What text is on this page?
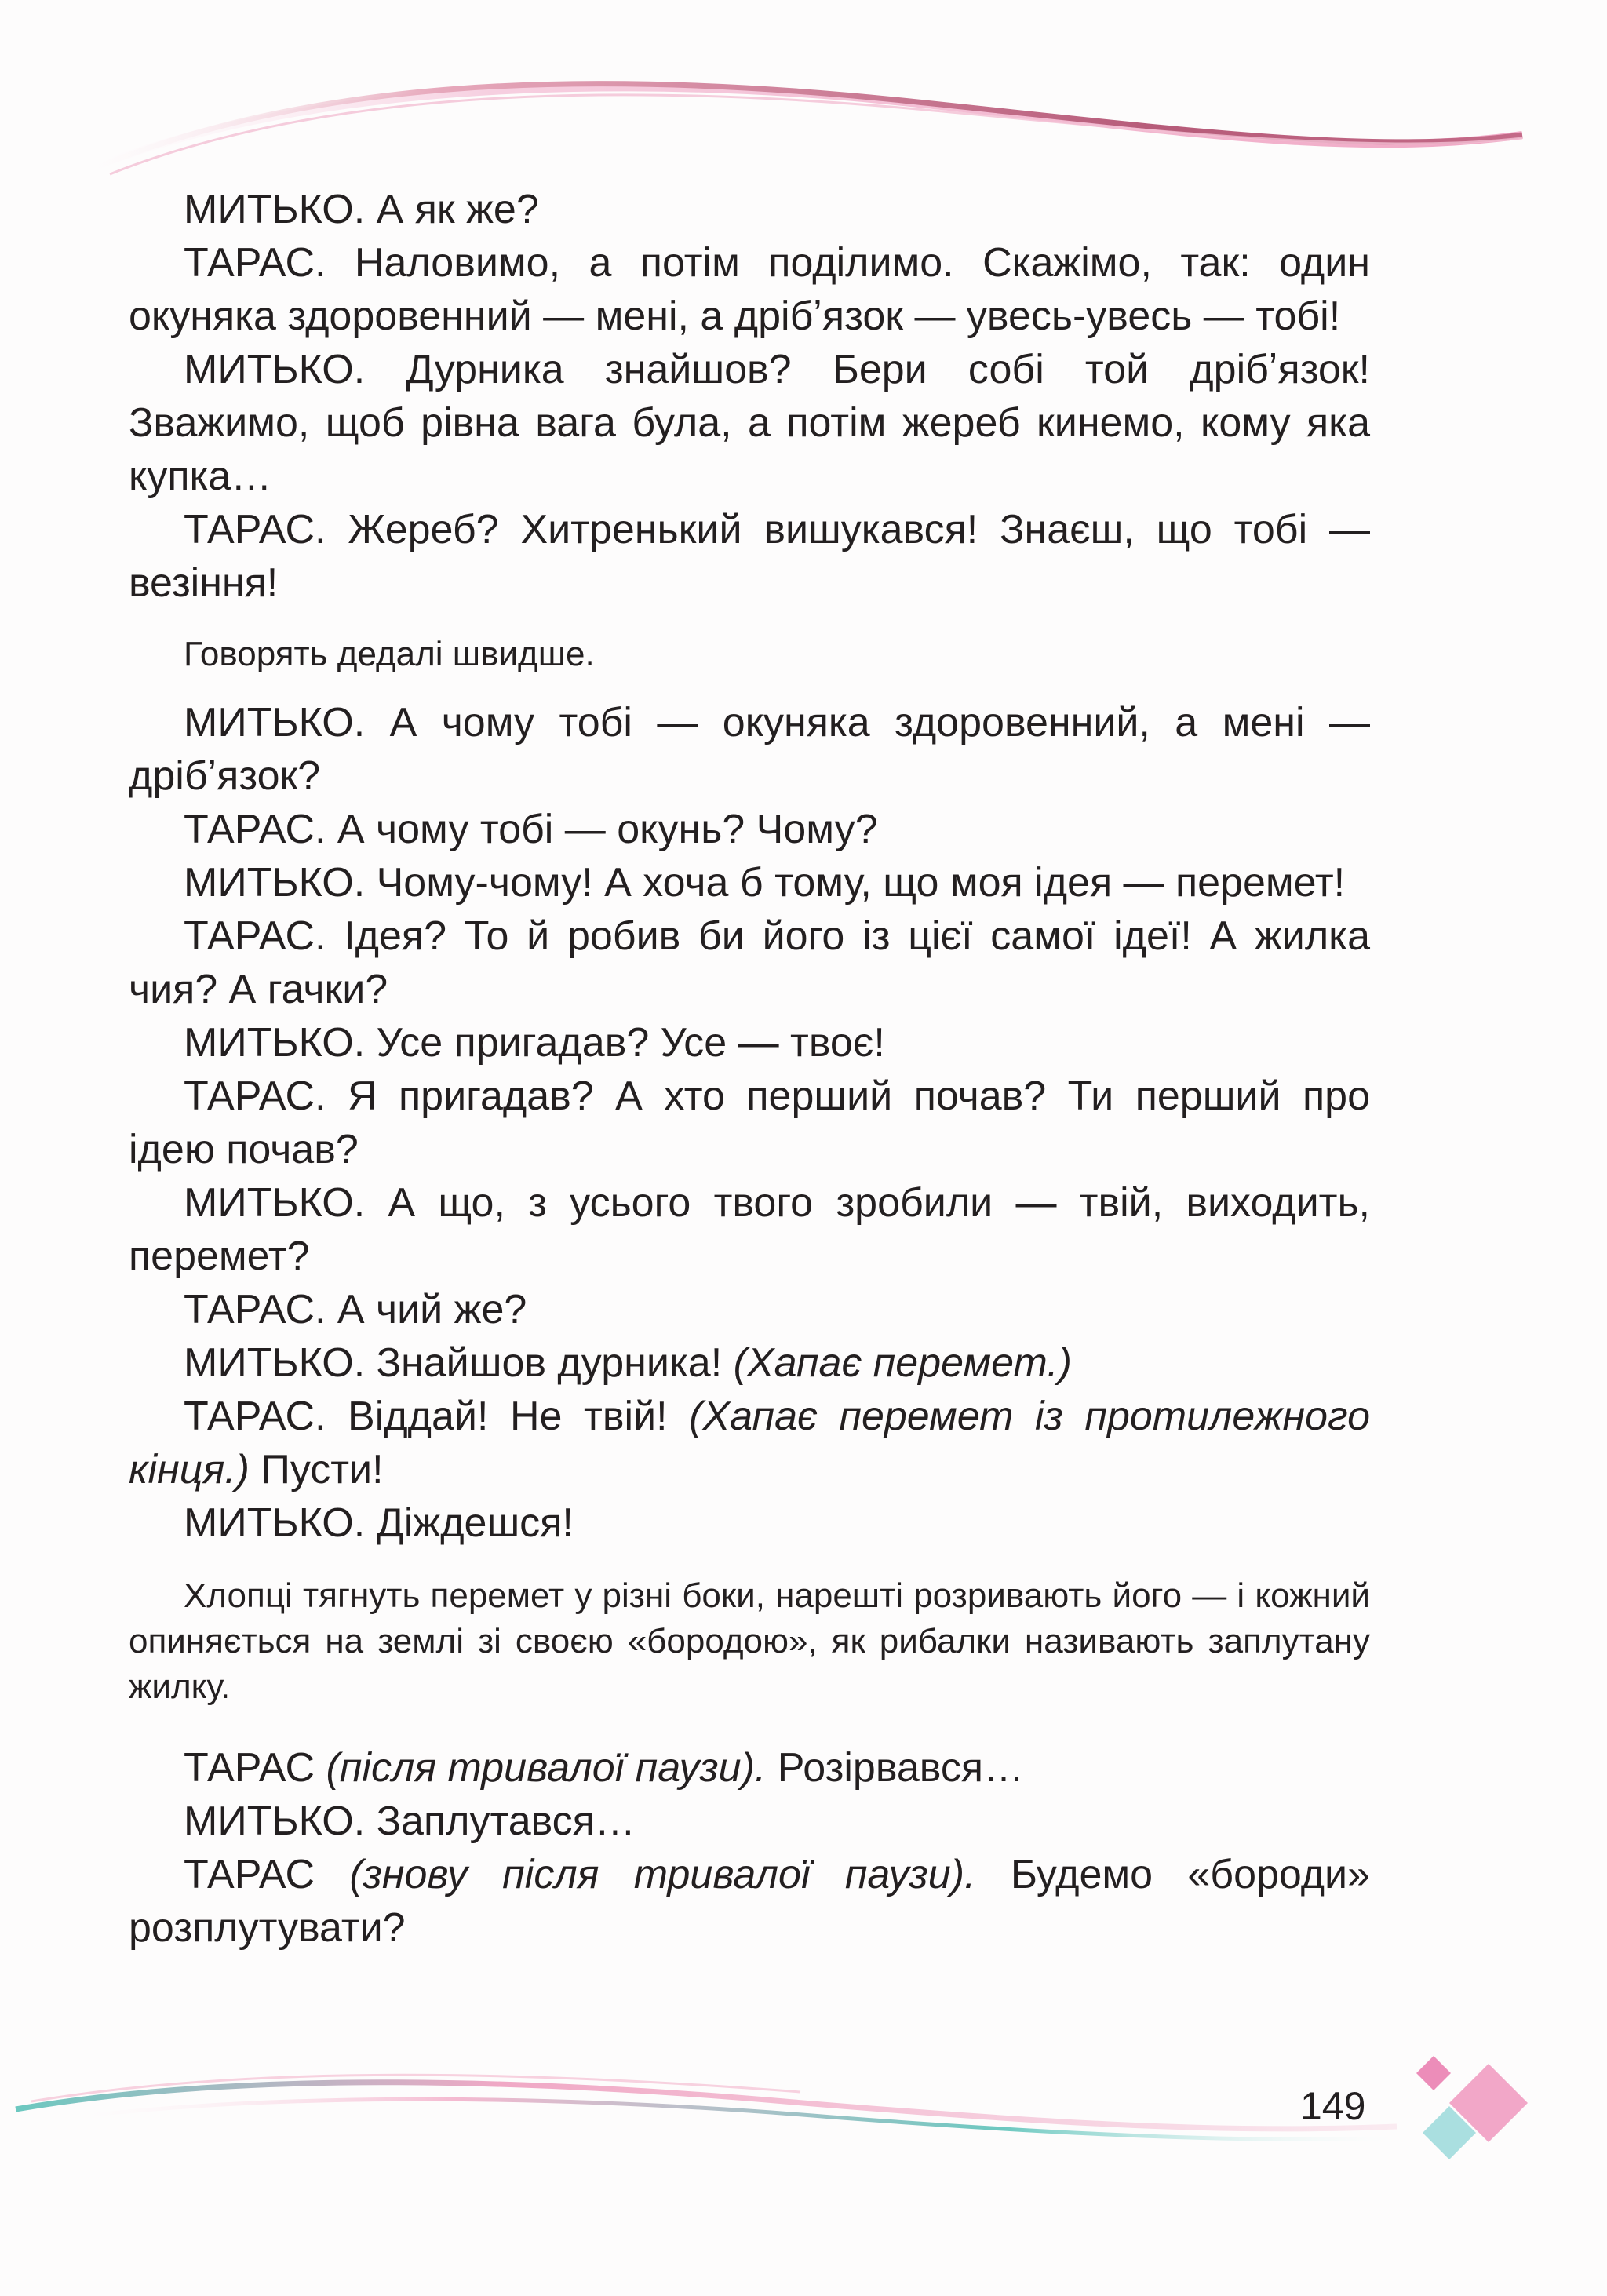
МИТЬКО. А як же?

ТАРАС. Наловимо, а потім поділимо. Скажімо, так: один окуняка здоровенний — мені, а дрібʼязок — увесь-увесь — тобі!

МИТЬКО. Дурника знайшов? Бери собі той дрібʼязок! Зважимо, щоб рівна вага була, а потім жереб кинемо, кому яка купка…

ТАРАС. Жереб? Хитренький вишукався! Знаєш, що тобі — везіння!

Говорять дедалі швидше.

МИТЬКО. А чому тобі — окуняка здоровенний, а мені — дрібʼязок?

ТАРАС. А чому тобі — окунь? Чому?

МИТЬКО. Чому-чому! А хоча б тому, що моя ідея — перемет!

ТАРАС. Ідея? То й робив би його із цієї самої ідеї! А жилка чия? А гачки?

МИТЬКО. Усе пригадав? Усе — твоє!

ТАРАС. Я пригадав? А хто перший почав? Ти перший про ідею почав?

МИТЬКО. А що, з усього твого зробили — твій, виходить, перемет?

ТАРАС. А чий же?

МИТЬКО. Знайшов дурника! (Хапає перемет.)

ТАРАС. Віддай! Не твій! (Хапає перемет із протилежного кінця.) Пусти!

МИТЬКО. Діждешся!

Хлопці тягнуть перемет у різні боки, нарешті розривають його — і кожний опиняється на землі зі своєю «бородою», як рибалки називають заплутану жилку.

ТАРАС (після тривалої паузи). Розірвався…

МИТЬКО. Заплутався…

ТАРАС (знову після тривалої паузи). Будемо «бороди» розплутувати?

149
